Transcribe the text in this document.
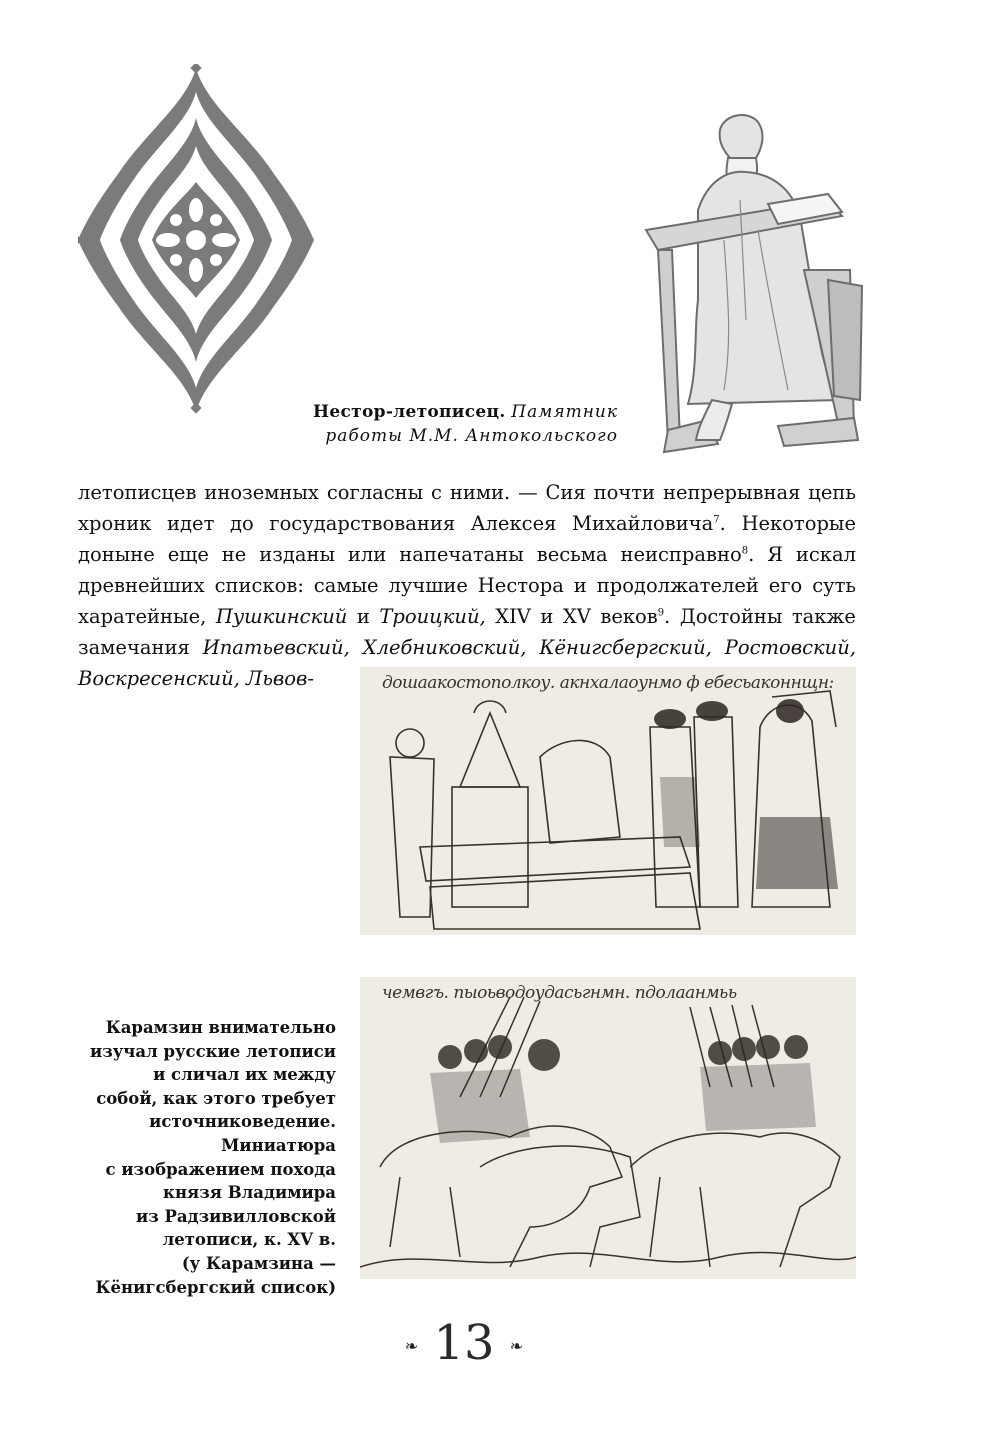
Нестор-летописец. Памятник
работы М.М. Антокольского

летописцев иноземных согласны с ними. — Сия почти непрерывная цепь хроник идет до государствования Алексея Михайловича$^7$. Некоторые доныне еще не изданы или напечатаны весьма неисправно$^8$. Я искал древнейших списков: самые лучшие Нестора и продолжателей его суть харатейные, Пушкинский и Троицкий, XIV и XV веков$^9$. Достойны также замечания Ипатьевский, Хлебниковский, Кёнигсбергский, Ростовский, Воскресенский, Львов-	дошаакостополкоу. акнхалаоунмо ф ебесьаконнщн:
чемвгъ. пыоьводоудасьгнмн. пдолаанмьь
Карамзин внимательно
изучал русские летописи
и сличал их между
собой, как этого требует
источниковедение.
Миниатюра
с изображением похода
князя Владимира
из Радзивилловской
летописи, к. XV в.
(у Карамзина —
Кёнигсбергский список)
❧ 13 ❧
